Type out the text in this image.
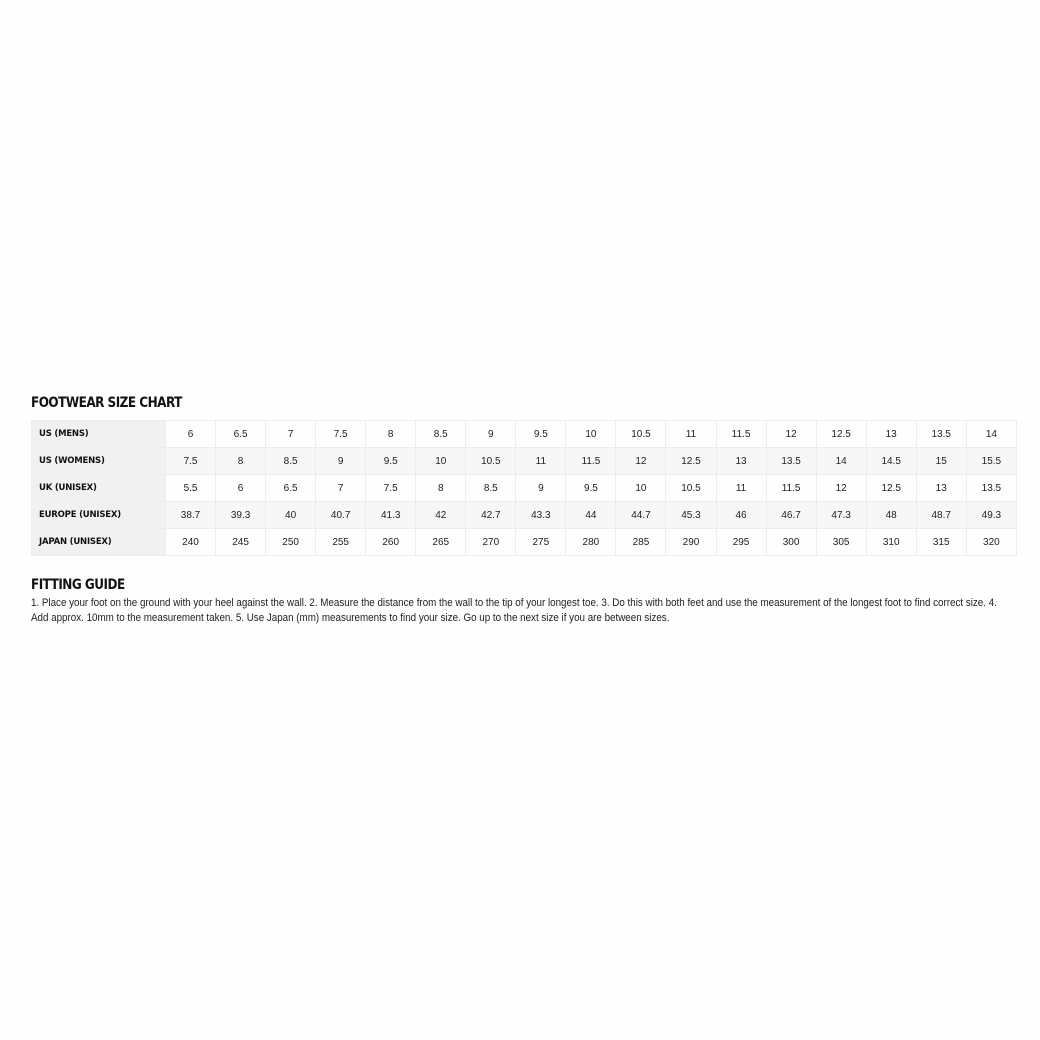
FOOTWEAR SIZE CHART
US (MENS)	6	6.5	7	7.5	8	8.5	9	9.5	10	10.5	11	11.5	12	12.5	13	13.5	14
US (WOMENS)	7.5	8	8.5	9	9.5	10	10.5	11	11.5	12	12.5	13	13.5	14	14.5	15	15.5
UK (UNISEX)	5.5	6	6.5	7	7.5	8	8.5	9	9.5	10	10.5	11	11.5	12	12.5	13	13.5
EUROPE (UNISEX)	38.7	39.3	40	40.7	41.3	42	42.7	43.3	44	44.7	45.3	46	46.7	47.3	48	48.7	49.3
JAPAN (UNISEX)	240	245	250	255	260	265	270	275	280	285	290	295	300	305	310	315	320
FITTING GUIDE
1. Place your foot on the ground with your heel against the wall. 2. Measure the distance from the wall to the tip of your longest toe. 3. Do this with both feet and use the measurement of the longest foot to find correct size. 4. Add approx. 10mm to the measurement taken. 5. Use Japan (mm) measurements to find your size. Go up to the next size if you are between sizes.
